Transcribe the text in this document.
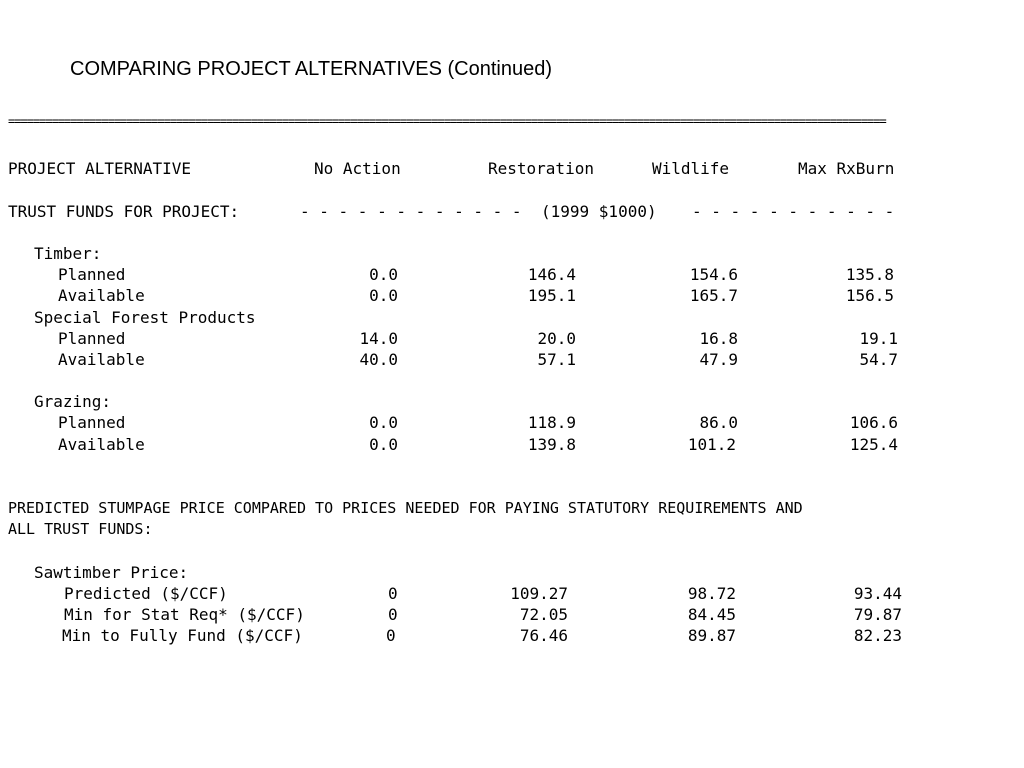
COMPARING PROJECT ALTERNATIVES (Continued)
=============================================================================================================================================
PROJECT ALTERNATIVE	No Action	Restoration	Wildlife	Max RxBurn
TRUST FUNDS FOR PROJECT:	- - - - - - - - - - - - (1999 $1000) - - - - - - - - - - -
Timber:
Planned	0.0	146.4	154.6	135.8
Available	0.0	195.1	165.7	156.5
Special Forest Products
Planned	14.0	20.0	16.8	19.1
Available	40.0	57.1	47.9	54.7
Grazing:
Planned	0.0	118.9	86.0	106.6
Available	0.0	139.8	101.2	125.4
PREDICTED STUMPAGE PRICE COMPARED TO PRICES NEEDED FOR PAYING STATUTORY REQUIREMENTS AND
ALL TRUST FUNDS:
Sawtimber Price:
Predicted ($/CCF)	0	109.27	98.72	93.44
Min for Stat Req* ($/CCF)	0	72.05	84.45	79.87
Min to Fully Fund ($/CCF)	0	76.46	89.87	82.23
